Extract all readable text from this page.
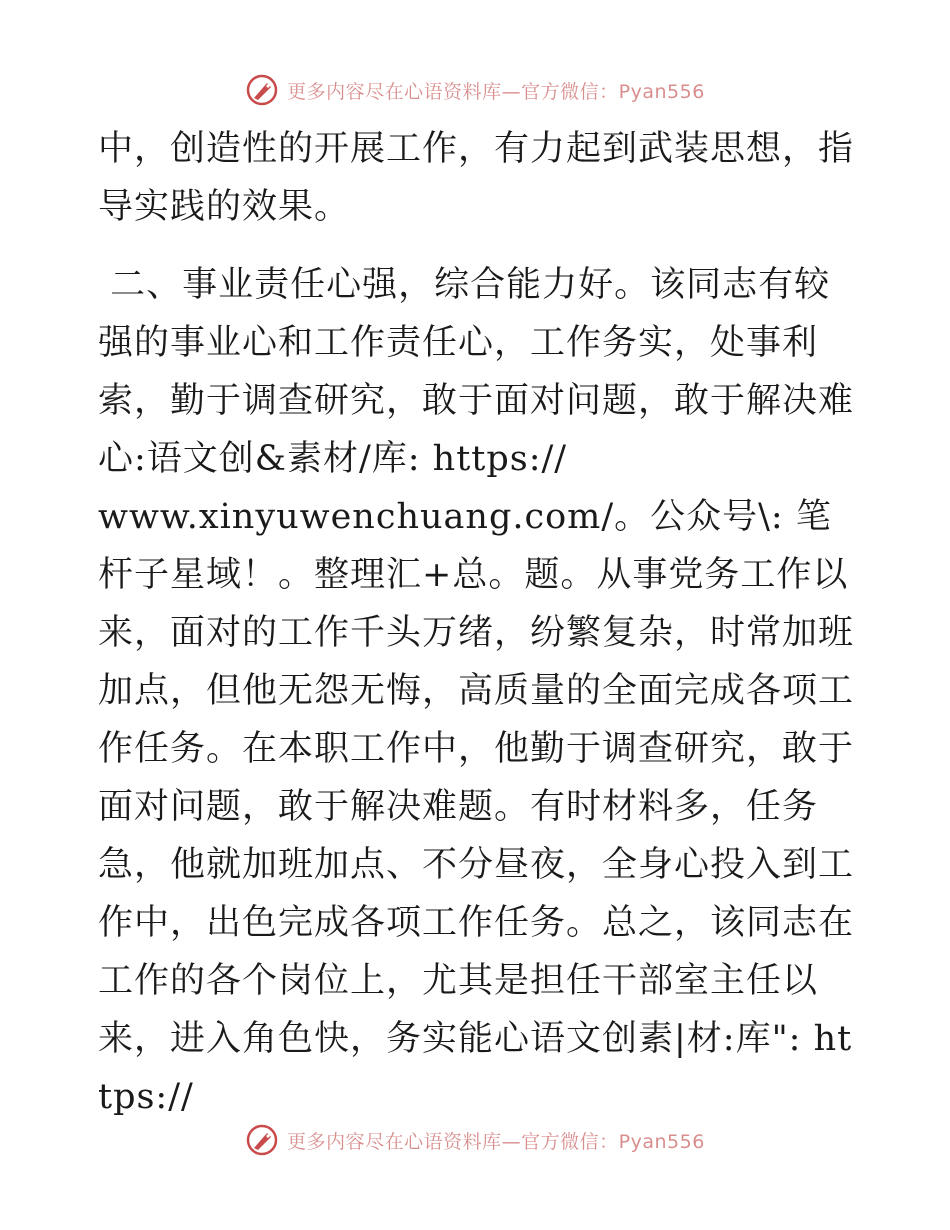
更多内容尽在心语资料库—官方微信：Pyan556

中，创造性的开展工作，有力起到武装思想，指导实践的效果。

二、事业责任心强，综合能力好。该同志有较强的事业心和工作责任心，工作务实，处事利索，勤于调查研究，敢于面对问题，敢于解决难心:语文创&素材/库: https://
www.xinyuwenchuang.com/。公众号\: 笔杆子星域！。整理汇+总。题。从事党务工作以来，面对的工作千头万绪，纷繁复杂，时常加班加点，但他无怨无悔，高质量的全面完成各项工作任务。在本职工作中，他勤于调查研究，敢于面对问题，敢于解决难题。有时材料多，任务急，他就加班加点、不分昼夜，全身心投入到工作中，出色完成各项工作任务。总之，该同志在工作的各个岗位上，尤其是担任干部室主任以来，进入角色快，务实能心语文创素|材:库": https://

更多内容尽在心语资料库—官方微信：Pyan556
